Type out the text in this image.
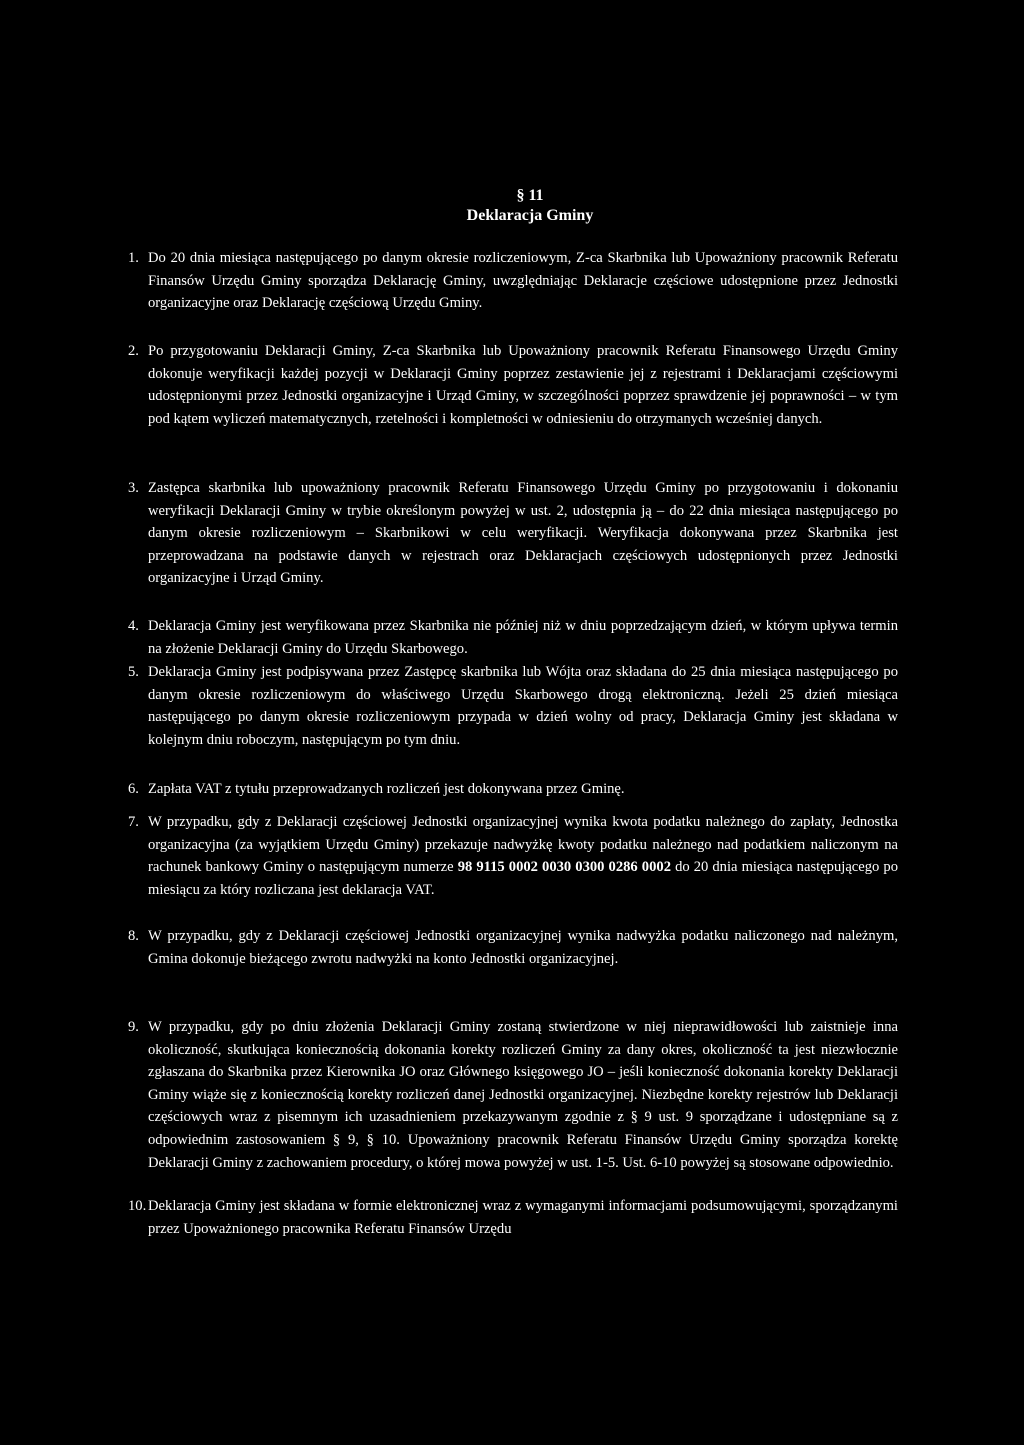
§ 11
Deklaracja Gminy
1. Do 20 dnia miesiąca następującego po danym okresie rozliczeniowym, Z-ca Skarbnika lub Upoważniony pracownik Referatu Finansów Urzędu Gminy sporządza Deklarację Gminy, uwzględniając Deklaracje częściowe udostępnione przez Jednostki organizacyjne oraz Deklarację częściową Urzędu Gminy.
2. Po przygotowaniu Deklaracji Gminy, Z-ca Skarbnika lub Upoważniony pracownik Referatu Finansowego Urzędu Gminy dokonuje weryfikacji każdej pozycji w Deklaracji Gminy poprzez zestawienie jej z rejestrami i Deklaracjami częściowymi udostępnionymi przez Jednostki organizacyjne i Urząd Gminy, w szczególności poprzez sprawdzenie jej poprawności – w tym pod kątem wyliczeń matematycznych, rzetelności i kompletności w odniesieniu do otrzymanych wcześniej danych.
3. Zastępca skarbnika lub upoważniony pracownik Referatu Finansowego Urzędu Gminy po przygotowaniu i dokonaniu weryfikacji Deklaracji Gminy w trybie określonym powyżej w ust. 2, udostępnia ją – do 22 dnia miesiąca następującego po danym okresie rozliczeniowym – Skarbnikowi w celu weryfikacji. Weryfikacja dokonywana przez Skarbnika jest przeprowadzana na podstawie danych w rejestrach oraz Deklaracjach częściowych udostępnionych przez Jednostki organizacyjne i Urząd Gminy.
4. Deklaracja Gminy jest weryfikowana przez Skarbnika nie później niż w dniu poprzedzającym dzień, w którym upływa termin na złożenie Deklaracji Gminy do Urzędu Skarbowego.
5. Deklaracja Gminy jest podpisywana przez Zastępcę skarbnika lub Wójta oraz składana do 25 dnia miesiąca następującego po danym okresie rozliczeniowym do właściwego Urzędu Skarbowego drogą elektroniczną. Jeżeli 25 dzień miesiąca następującego po danym okresie rozliczeniowym przypada w dzień wolny od pracy, Deklaracja Gminy jest składana w kolejnym dniu roboczym, następującym po tym dniu.
6. Zapłata VAT z tytułu przeprowadzanych rozliczeń jest dokonywana przez Gminę.
7. W przypadku, gdy z Deklaracji częściowej Jednostki organizacyjnej wynika kwota podatku należnego do zapłaty, Jednostka organizacyjna (za wyjątkiem Urzędu Gminy) przekazuje nadwyżkę kwoty podatku należnego nad podatkiem naliczonym na rachunek bankowy Gminy o następującym numerze 98 9115 0002 0030 0300 0286 0002 do 20 dnia miesiąca następującego po miesiącu za który rozliczana jest deklaracja VAT.
8. W przypadku, gdy z Deklaracji częściowej Jednostki organizacyjnej wynika nadwyżka podatku naliczonego nad należnym, Gmina dokonuje bieżącego zwrotu nadwyżki na konto Jednostki organizacyjnej.
9. W przypadku, gdy po dniu złożenia Deklaracji Gminy zostaną stwierdzone w niej nieprawidłowości lub zaistnieje inna okoliczność, skutkująca koniecznością dokonania korekty rozliczeń Gminy za dany okres, okoliczność ta jest niezwłocznie zgłaszana do Skarbnika przez Kierownika JO oraz Głównego księgowego JO – jeśli konieczność dokonania korekty Deklaracji Gminy wiąże się z koniecznością korekty rozliczeń danej Jednostki organizacyjnej. Niezbędne korekty rejestrów lub Deklaracji częściowych wraz z pisemnym ich uzasadnieniem przekazywanym zgodnie z § 9 ust. 9 sporządzane i udostępniane są z odpowiednim zastosowaniem § 9, § 10. Upoważniony pracownik Referatu Finansów Urzędu Gminy sporządza korektę Deklaracji Gminy z zachowaniem procedury, o której mowa powyżej w ust. 1-5. Ust. 6-10 powyżej są stosowane odpowiednio.
10. Deklaracja Gminy jest składana w formie elektronicznej wraz z wymaganymi informacjami podsumowującymi, sporządzanymi przez Upoważnionego pracownika Referatu Finansów Urzędu
